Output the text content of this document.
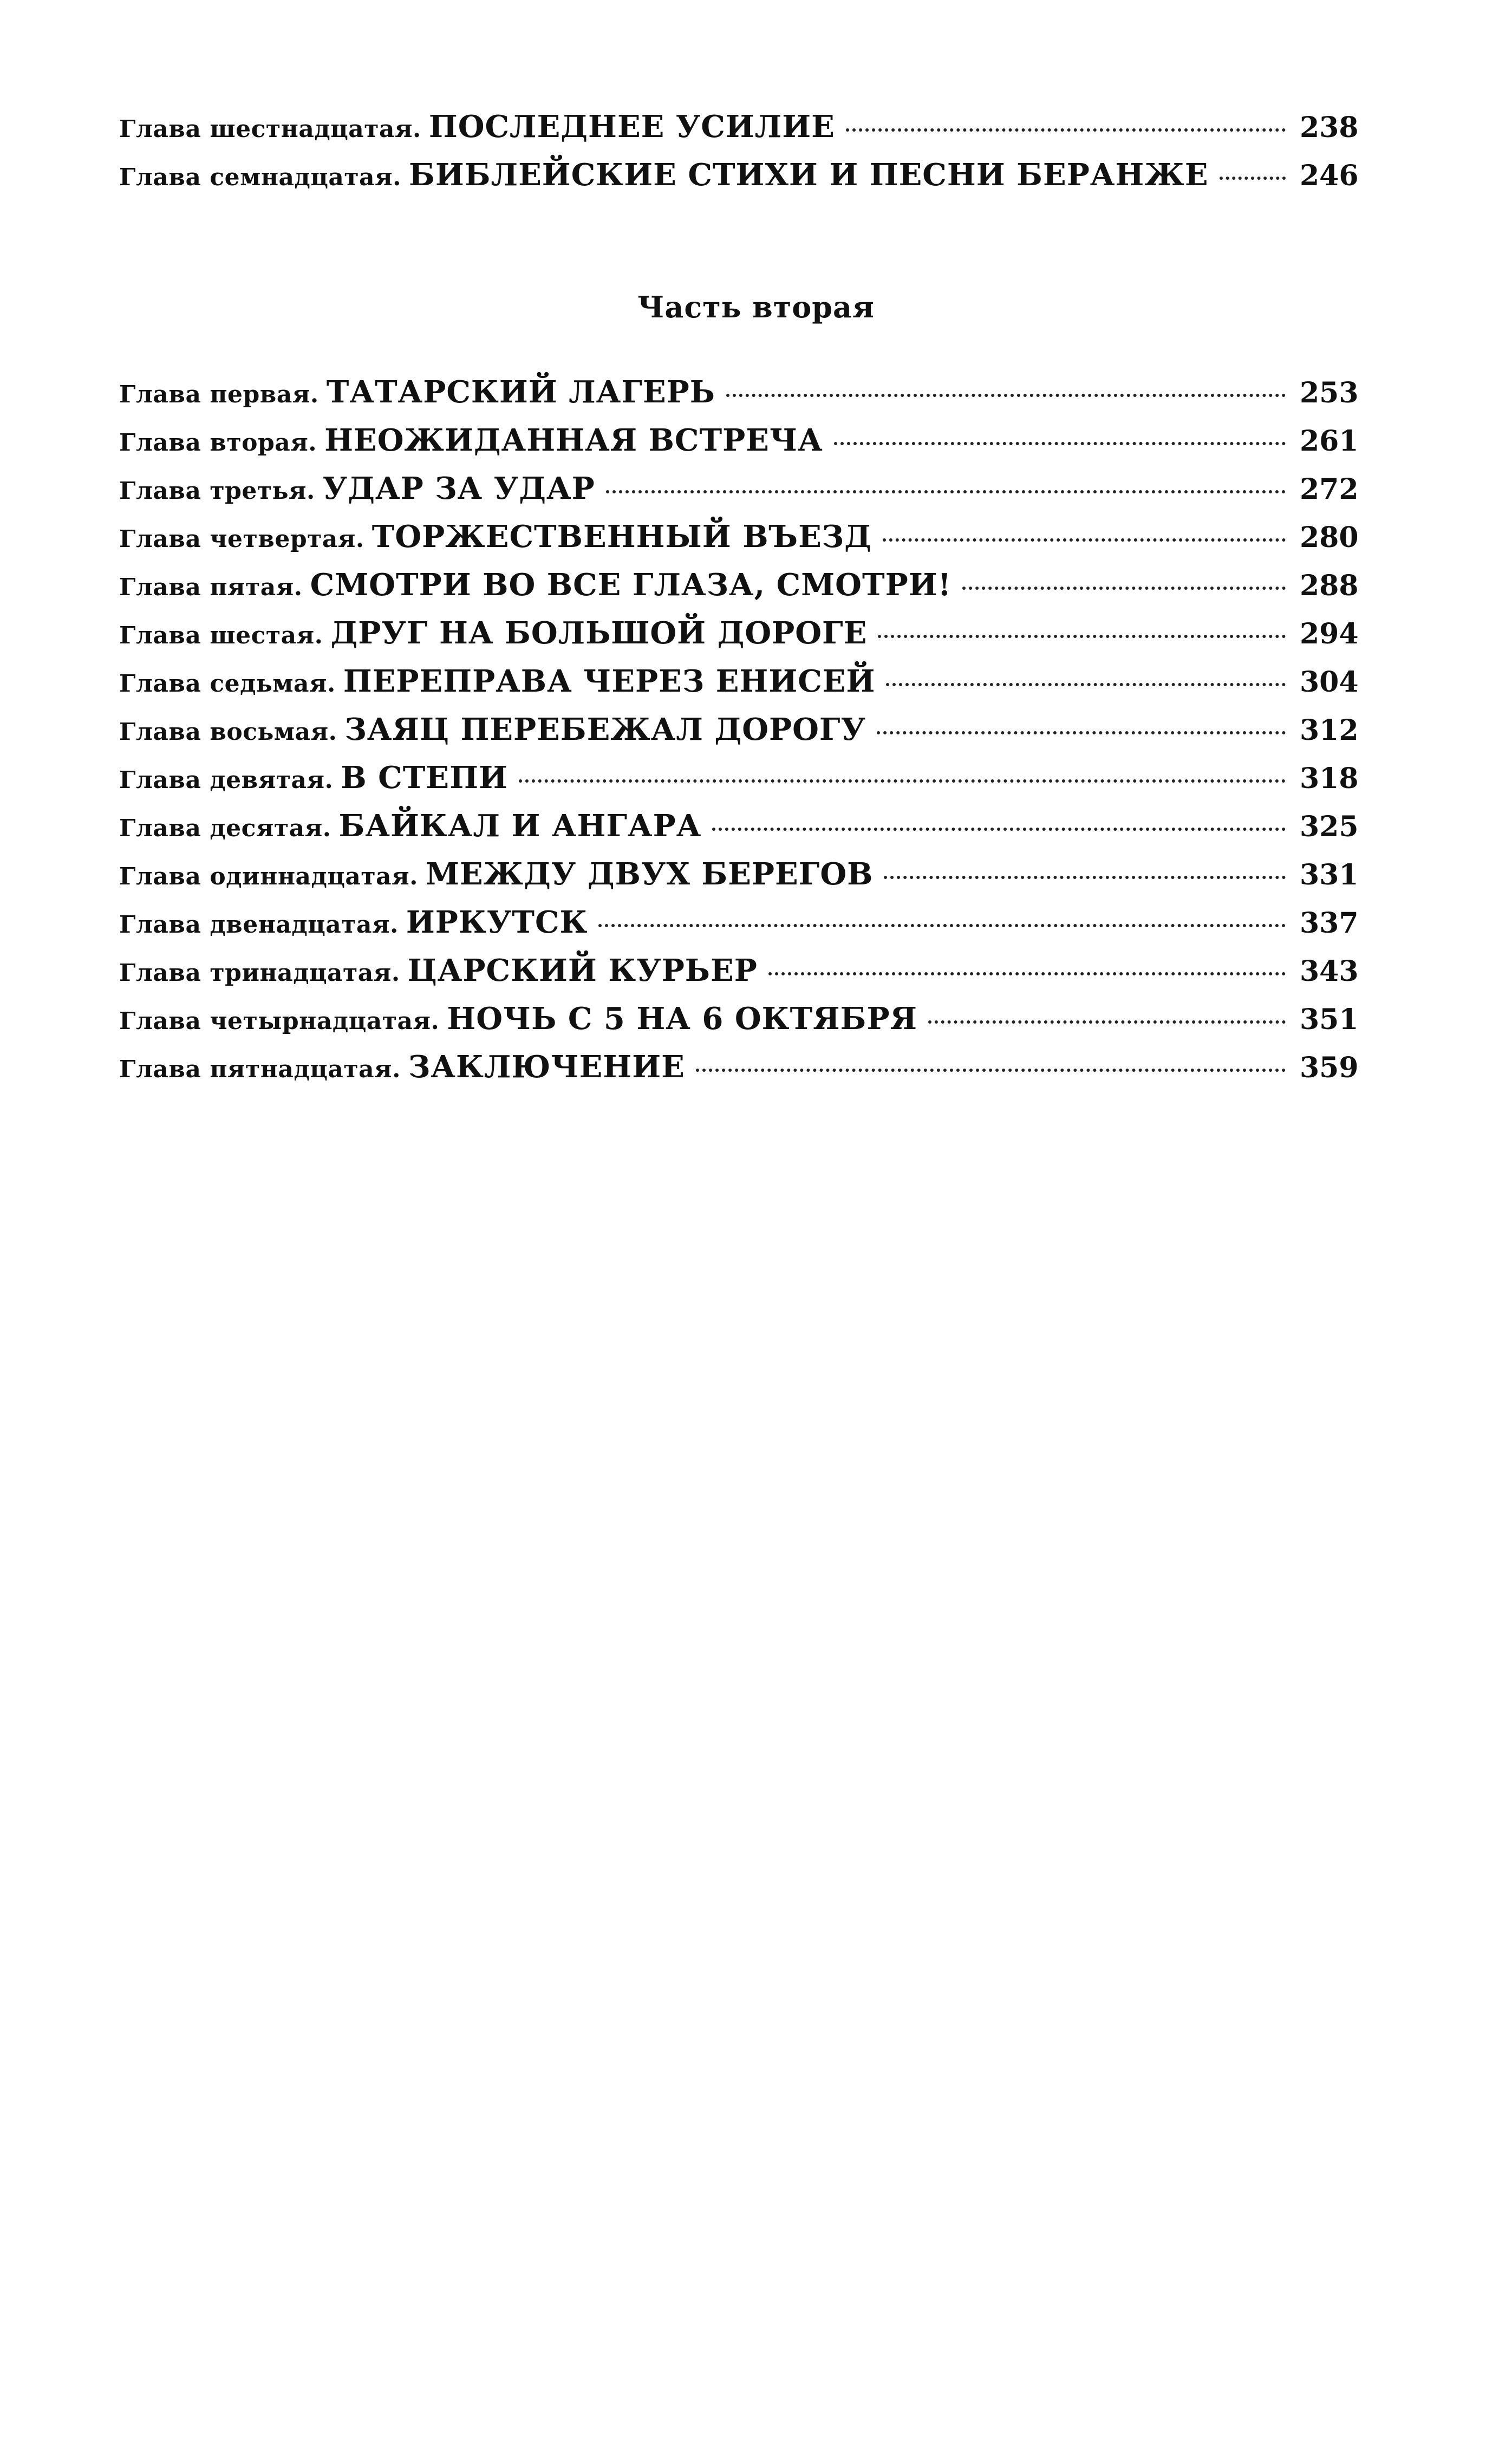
Глава шестнадцатая. ПОСЛЕДНЕЕ УСИЛИЕ	238
Глава семнадцатая. БИБЛЕЙСКИЕ СТИХИ И ПЕСНИ БЕРАНЖЕ	246
Часть вторая
Глава первая. ТАТАРСКИЙ ЛАГЕРЬ	253
Глава вторая. НЕОЖИДАННАЯ ВСТРЕЧА	261
Глава третья. УДАР ЗА УДАР	272
Глава четвертая. ТОРЖЕСТВЕННЫЙ ВЪЕЗД	280
Глава пятая. СМОТРИ ВО ВСЕ ГЛАЗА, СМОТРИ!	288
Глава шестая. ДРУГ НА БОЛЬШОЙ ДОРОГЕ	294
Глава седьмая. ПЕРЕПРАВА ЧЕРЕЗ ЕНИСЕЙ	304
Глава восьмая. ЗАЯЦ ПЕРЕБЕЖАЛ ДОРОГУ	312
Глава девятая. В СТЕПИ	318
Глава десятая. БАЙКАЛ И АНГАРА	325
Глава одиннадцатая. МЕЖДУ ДВУХ БЕРЕГОВ	331
Глава двенадцатая. ИРКУТСК	337
Глава тринадцатая. ЦАРСКИЙ КУРЬЕР	343
Глава четырнадцатая. НОЧЬ С 5 НА 6 ОКТЯБРЯ	351
Глава пятнадцатая. ЗАКЛЮЧЕНИЕ	359
